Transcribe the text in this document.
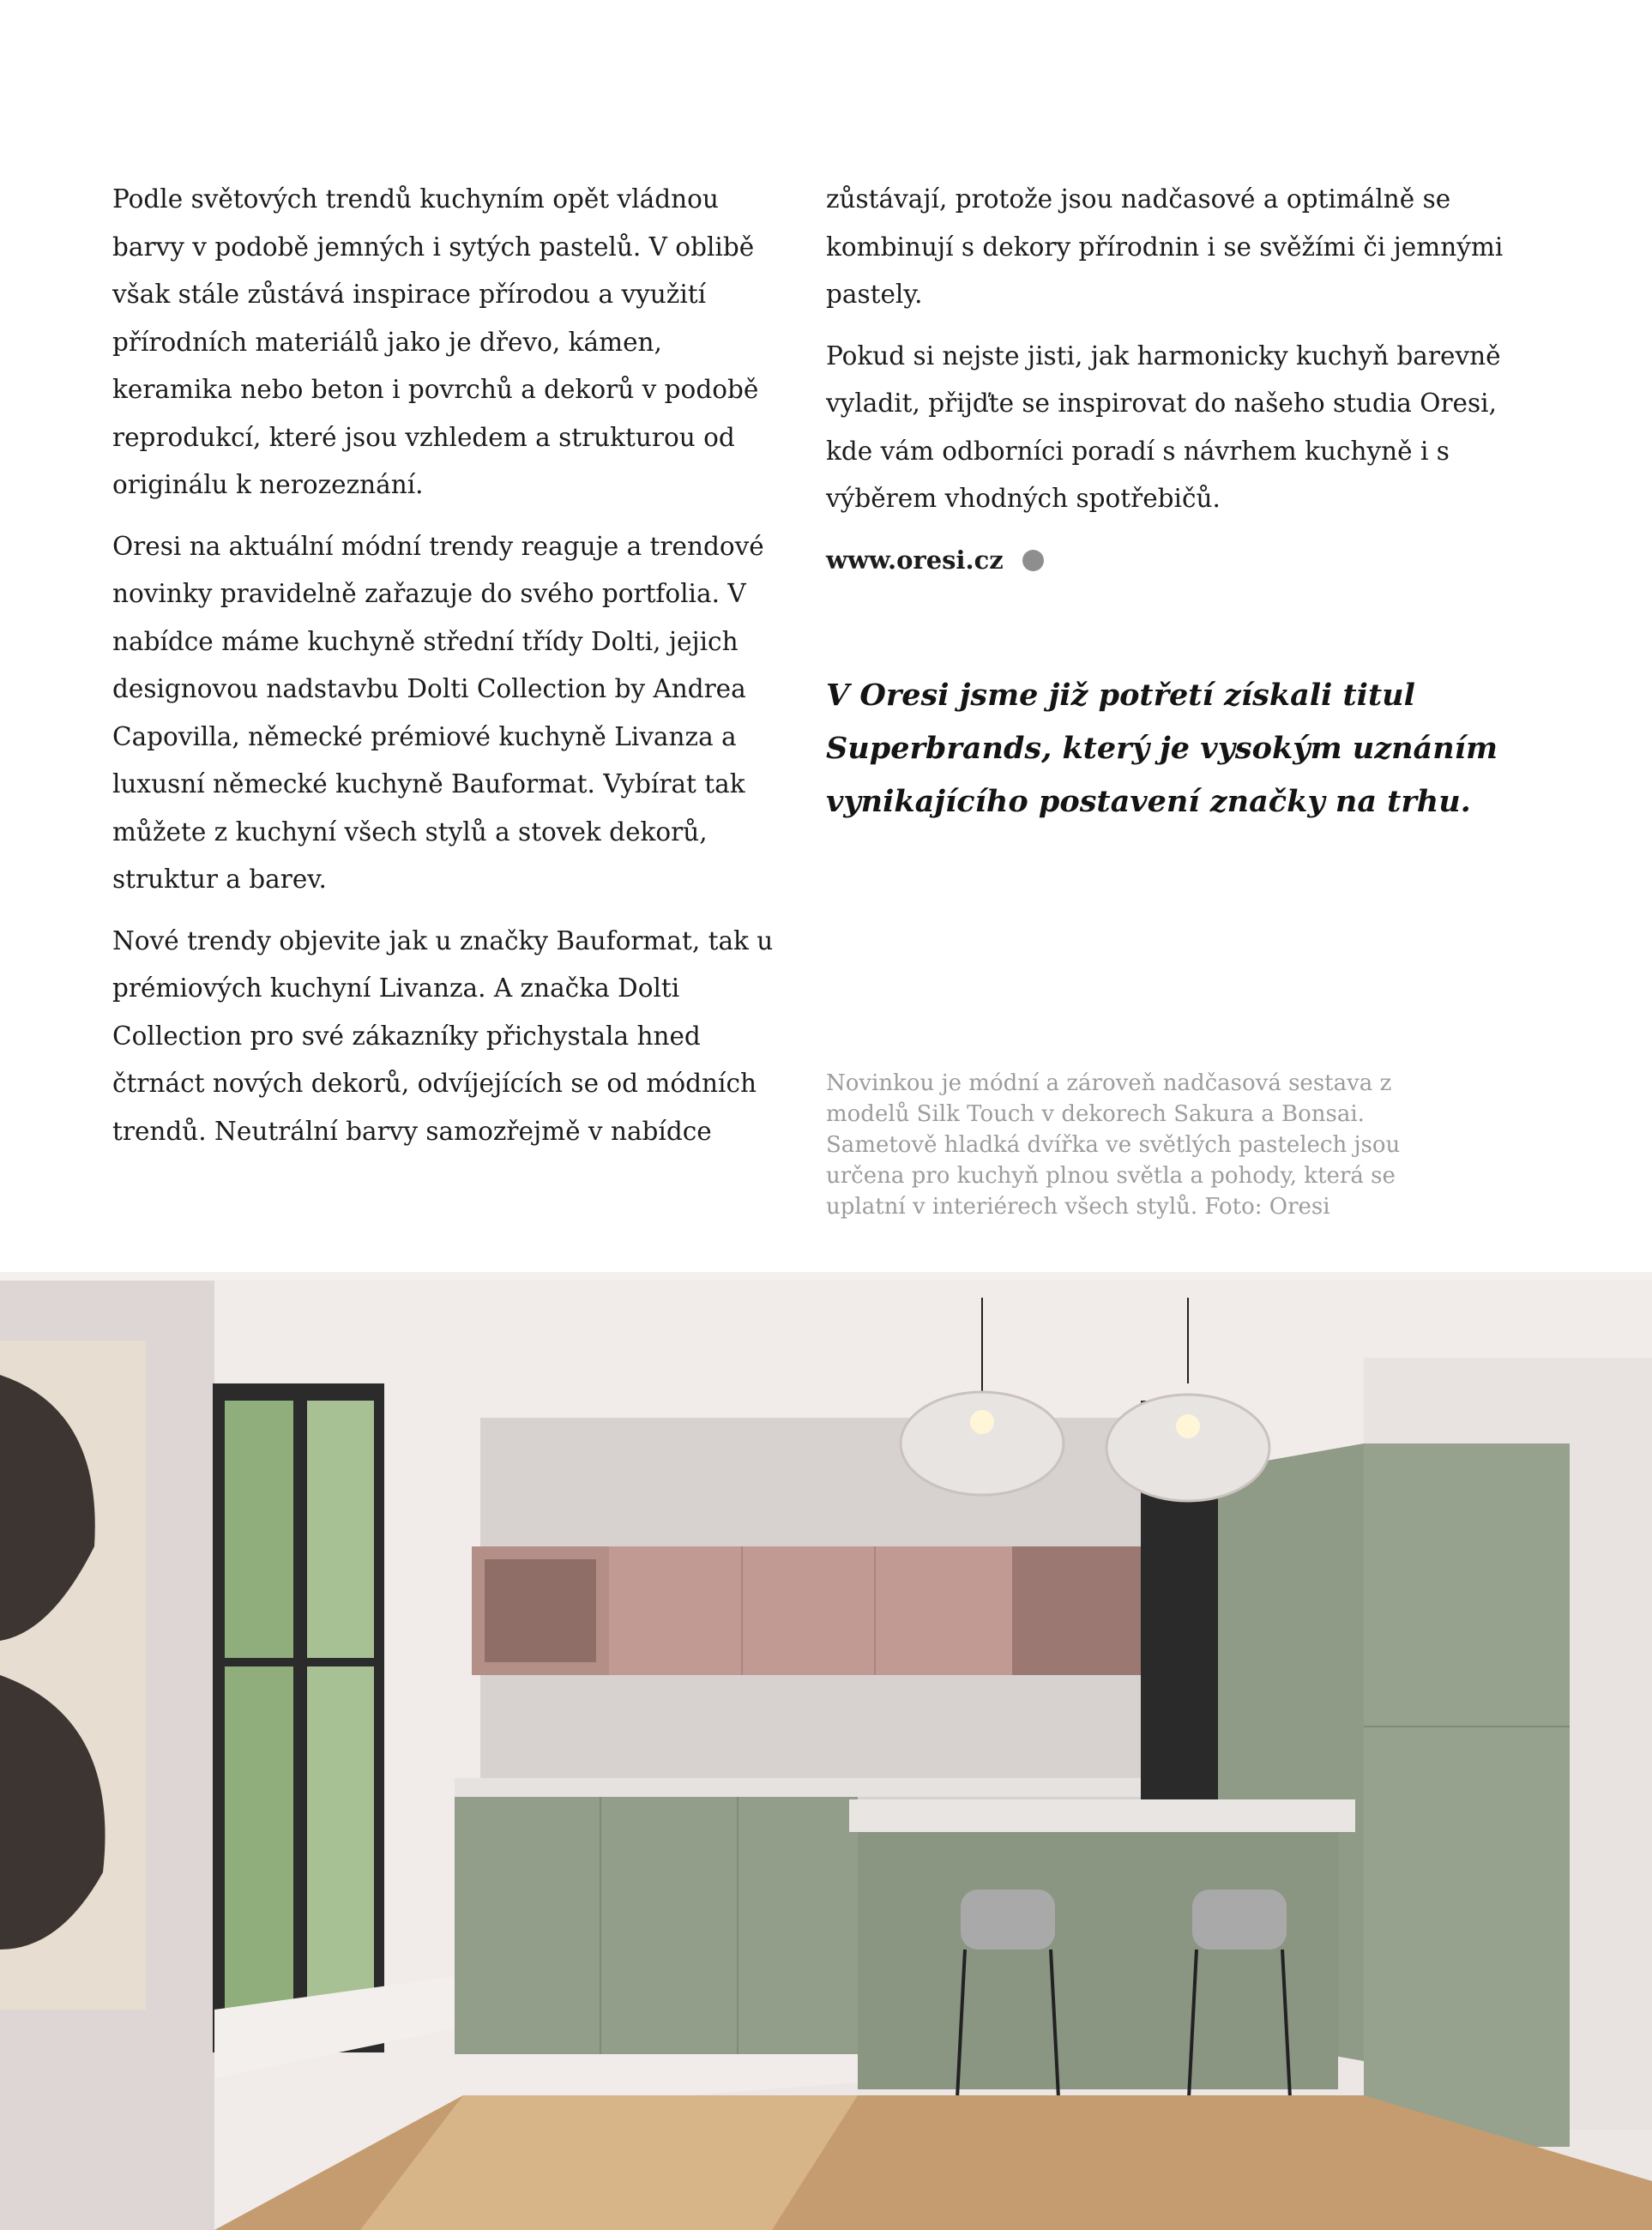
Podle světových trendů kuchyním opět vládnou barvy v podobě jemných i sytých pastelů. V oblibě však stále zůstává inspirace přírodou a využití přírodních materiálů jako je dřevo, kámen, keramika nebo beton i povrchů a dekorů v podobě reprodukcí, které jsou vzhledem a strukturou od originálu k nerozeznání.

Oresi na aktuální módní trendy reaguje a trendové novinky pravidelně zařazuje do svého portfolia. V nabídce máme kuchyně střední třídy Dolti, jejich designovou nadstavbu Dolti Collection by Andrea Capovilla, německé prémiové kuchyně Livanza a luxusní německé kuchyně Bauformat. Vybírat tak můžete z kuchyní všech stylů a stovek dekorů, struktur a barev.

Nové trendy objevite jak u značky Bauformat, tak u prémiových kuchyní Livanza. A značka Dolti Collection pro své zákazníky přichystala hned čtrnáct nových dekorů, odvíjejících se od módních trendů. Neutrální barvy samozřejmě v nabídce

zůstávají, protože jsou nadčasové a optimálně se kombinují s dekory přírodnin i se svěžími či jemnými pastely.

Pokud si nejste jisti, jak harmonicky kuchyň barevně vyladit, přijďte se inspirovat do našeho studia Oresi, kde vám odborníci poradí s návrhem kuchyně i s výběrem vhodných spotřebičů.

www.oresi.cz

V Oresi jsme již potřetí získali titul Superbrands, který je vysokým uznáním vynikajícího postavení značky na trhu.

Novinkou je módní a zároveň nadčasová sestava z modelů Silk Touch v dekorech Sakura a Bonsai. Sametově hladká dvířka ve světlých pastelech jsou určena pro kuchyň plnou světla a pohody, která se uplatní v interiérech všech stylů. Foto: Oresi
